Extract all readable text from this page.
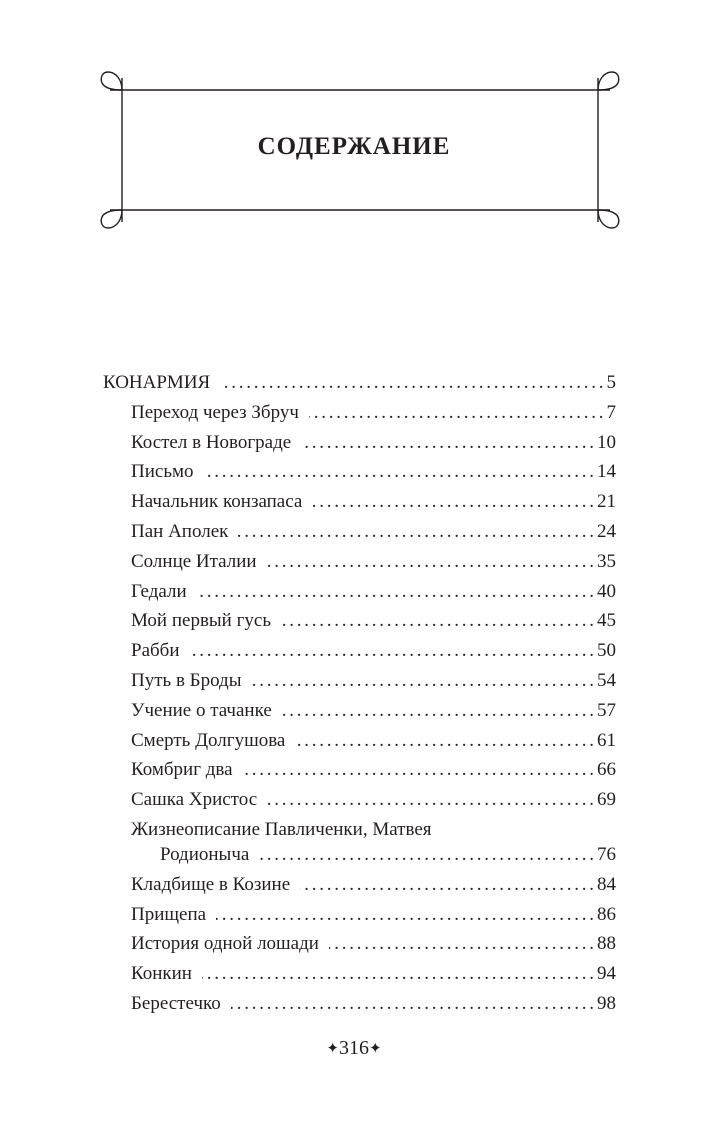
СОДЕРЖАНИЕ
КОНАРМИЯ . . .	5
Переход через Збруч . . .	7
Костел в Новограде . . .	10
Письмо . . .	14
Начальник конзапаса . . .	21
Пан Аполек . . .	24
Солнце Италии . . .	35
Гедали . . .	40
Мой первый гусь . . .	45
Рабби . . .	50
Путь в Броды . . .	54
Учение о тачанке . . .	57
Смерть Долгушова . . .	61
Комбриг два . . .	66
Сашка Христос . . .	69
Жизнеописание Павличенки, Матвея
Родионыча . . .	76
Кладбище в Козине . . .	84
Прищепа . . .	86
История одной лошади . . .	88
Конкин . . .	94
Берестечко . . .	98
✦316✦
